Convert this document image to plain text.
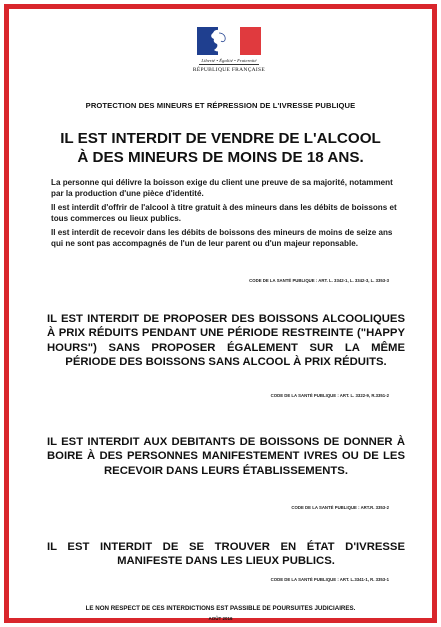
Liberté • Égalité • Fraternité
RÉPUBLIQUE FRANÇAISE
PROTECTION DES MINEURS ET RÉPRESSION DE L'IVRESSE PUBLIQUE
IL EST INTERDIT DE VENDRE DE L'ALCOOL
À DES MINEURS DE MOINS DE 18 ANS.
La personne qui délivre la boisson exige du client une preuve de sa majorité, notamment par la production d'une pièce d'identité.
Il est interdit d'offrir de l'alcool à titre gratuit à des mineurs dans les débits de boissons et tous commerces ou lieux publics.
Il est interdit de recevoir dans les débits de boissons des mineurs de moins de seize ans qui ne sont pas accompagnés de l'un de leur parent ou d'un majeur reponsable.
CODE DE LA SANTÉ PUBLIQUE : ART. L. 3342-1, L. 3342-3, L. 3353-3
IL EST INTERDIT DE PROPOSER DES BOISSONS ALCOOLIQUES À PRIX RÉDUITS PENDANT UNE PÉRIODE RESTREINTE ("HAPPY HOURS") SANS PROPOSER ÉGALEMENT SUR LA MÊME PÉRIODE DES BOISSONS SANS ALCOOL À PRIX RÉDUITS.
CODE DE LA SANTÉ PUBLIQUE : ART. L. 3322-9, R.3351-2
IL EST INTERDIT AUX DEBITANTS DE BOISSONS DE DONNER À BOIRE À DES PERSONNES MANIFESTEMENT IVRES OU DE LES RECEVOIR DANS LEURS ÉTABLISSEMENTS.
CODE DE LA SANTÉ PUBLIQUE : ART.R. 3353-2
IL EST INTERDIT DE SE TROUVER EN ÉTAT D'IVRESSE MANIFESTE DANS LES LIEUX PUBLICS.
CODE DE LA SANTÉ PUBLIQUE : ART. L.3341-1, R. 3353-1
LE NON RESPECT DE CES INTERDICTIONS EST PASSIBLE DE POURSUITES JUDICIAIRES.
AOÛT 2016
